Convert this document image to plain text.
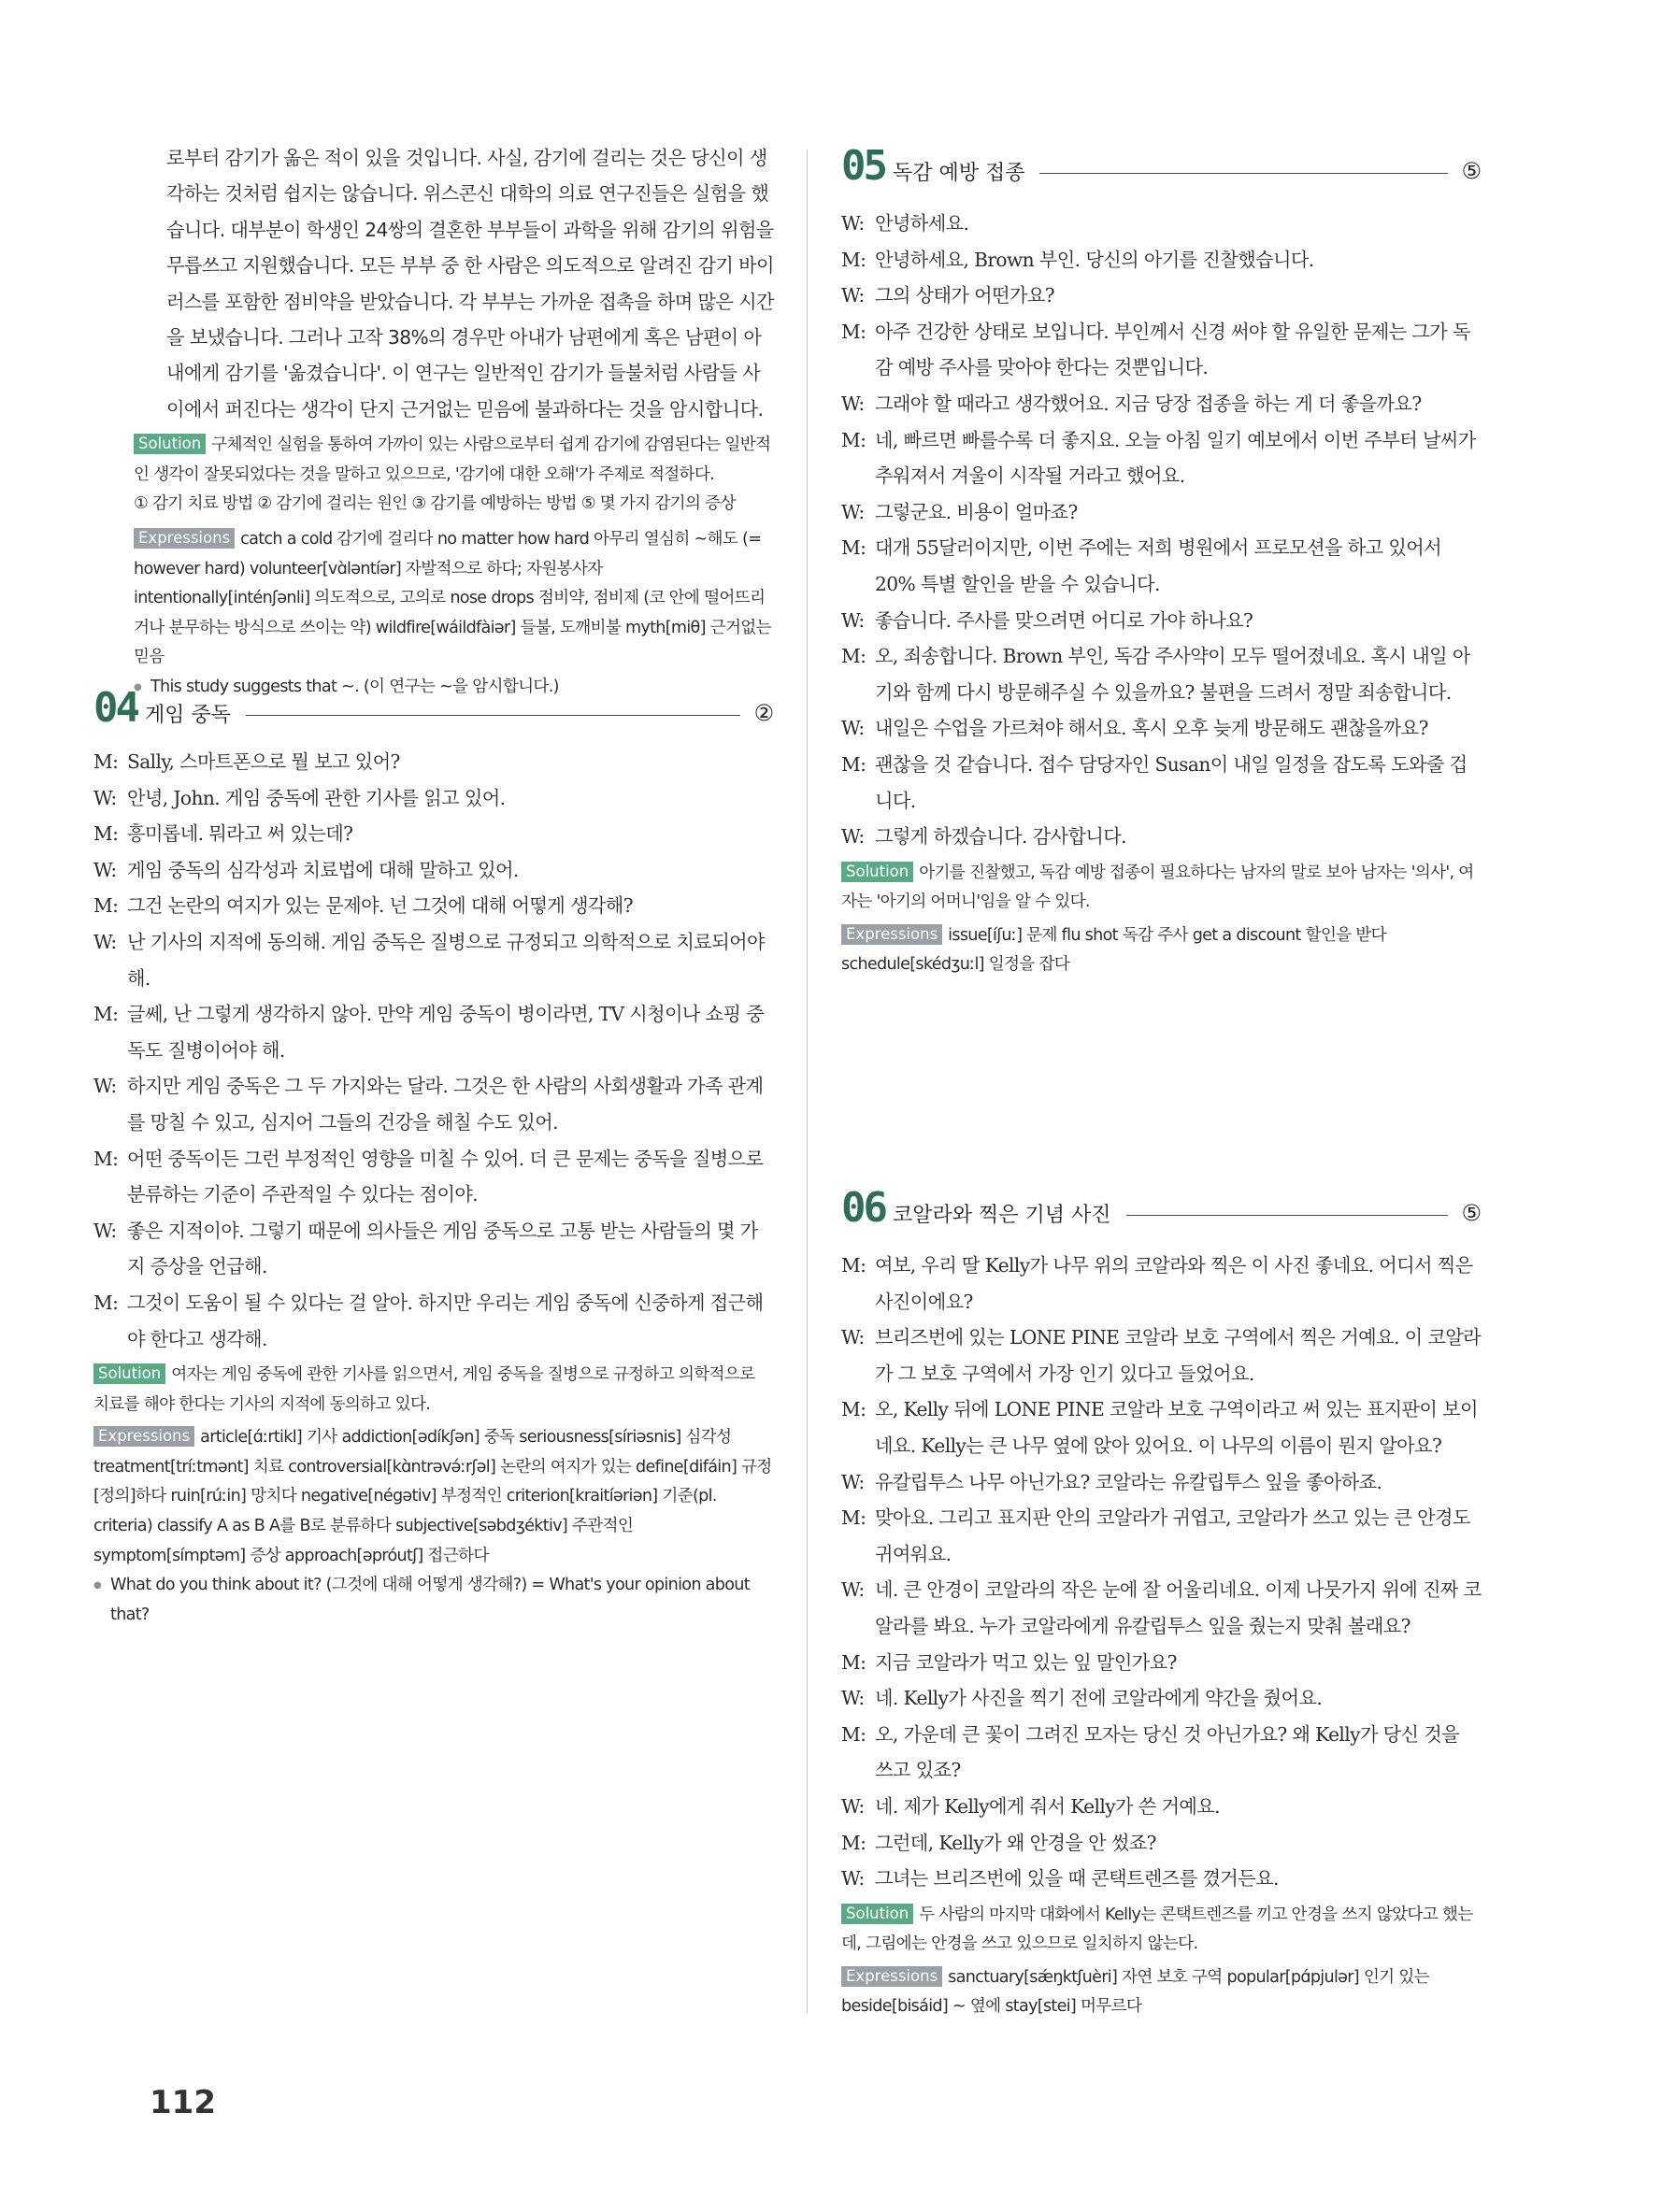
로부터 감기가 옮은 적이 있을 것입니다. 사실, 감기에 걸리는 것은 당신이 생각하는 것처럼 쉽지는 않습니다. 위스콘신 대학의 의료 연구진들은 실험을 했습니다. 대부분이 학생인 24쌍의 결혼한 부부들이 과학을 위해 감기의 위험을 무릅쓰고 지원했습니다. 모든 부부 중 한 사람은 의도적으로 알려진 감기 바이러스를 포함한 점비약을 받았습니다. 각 부부는 가까운 접촉을 하며 많은 시간을 보냈습니다. 그러나 고작 38%의 경우만 아내가 남편에게 혹은 남편이 아내에게 감기를 '옮겼습니다'. 이 연구는 일반적인 감기가 들불처럼 사람들 사이에서 퍼진다는 생각이 단지 근거없는 믿음에 불과하다는 것을 암시합니다.

Solution 구체적인 실험을 통하여 가까이 있는 사람으로부터 쉽게 감기에 감염된다는 일반적인 생각이 잘못되었다는 것을 말하고 있으므로, '감기에 대한 오해'가 주제로 적절하다.

① 감기 치료 방법 ② 감기에 걸리는 원인 ③ 감기를 예방하는 방법 ⑤ 몇 가지 감기의 증상

Expressions catch a cold 감기에 걸리다 no matter how hard 아무리 열심히 ~해도 (= however hard) volunteer[vɑ̀ləntíər] 자발적으로 하다; 자원봉사자 intentionally[inténʃənli] 의도적으로, 고의로 nose drops 점비약, 점비제 (코 안에 떨어뜨리거나 분무하는 방식으로 쓰이는 약) wildfire[wáildfàiər] 들불, 도깨비불 myth[miθ] 근거없는 믿음

● This study suggests that ~. (이 연구는 ~을 암시합니다.)

04 게임 중독	②
M: Sally, 스마트폰으로 뭘 보고 있어?
W: 안녕, John. 게임 중독에 관한 기사를 읽고 있어.
M: 흥미롭네. 뭐라고 써 있는데?
W: 게임 중독의 심각성과 치료법에 대해 말하고 있어.
M: 그건 논란의 여지가 있는 문제야. 넌 그것에 대해 어떻게 생각해?
W: 난 기사의 지적에 동의해. 게임 중독은 질병으로 규정되고 의학적으로 치료되어야 해.
M: 글쎄, 난 그렇게 생각하지 않아. 만약 게임 중독이 병이라면, TV 시청이나 쇼핑 중독도 질병이어야 해.
W: 하지만 게임 중독은 그 두 가지와는 달라. 그것은 한 사람의 사회생활과 가족 관계를 망칠 수 있고, 심지어 그들의 건강을 해칠 수도 있어.
M: 어떤 중독이든 그런 부정적인 영향을 미칠 수 있어. 더 큰 문제는 중독을 질병으로 분류하는 기준이 주관적일 수 있다는 점이야.
W: 좋은 지적이야. 그렇기 때문에 의사들은 게임 중독으로 고통 받는 사람들의 몇 가지 증상을 언급해.
M: 그것이 도움이 될 수 있다는 걸 알아. 하지만 우리는 게임 중독에 신중하게 접근해야 한다고 생각해.

Solution 여자는 게임 중독에 관한 기사를 읽으면서, 게임 중독을 질병으로 규정하고 의학적으로 치료를 해야 한다는 기사의 지적에 동의하고 있다.

Expressions article[ɑ́ːrtikl] 기사 addiction[ədíkʃən] 중독 seriousness[síriəsnis] 심각성 treatment[tríːtmənt] 치료 controversial[kɑ̀ntrəvə́ːrʃəl] 논란의 여지가 있는 define[difáin] 규정[정의]하다 ruin[rúːin] 망치다 negative[négətiv] 부정적인 criterion[kraitíəriən] 기준(pl. criteria) classify A as B A를 B로 분류하다 subjective[səbdʒéktiv] 주관적인 symptom[símptəm] 증상 approach[əpróutʃ] 접근하다

● What do you think about it? (그것에 대해 어떻게 생각해?) = What's your opinion about that?

05 독감 예방 접종	⑤
W: 안녕하세요.
M: 안녕하세요, Brown 부인. 당신의 아기를 진찰했습니다.
W: 그의 상태가 어떤가요?
M: 아주 건강한 상태로 보입니다. 부인께서 신경 써야 할 유일한 문제는 그가 독감 예방 주사를 맞아야 한다는 것뿐입니다.
W: 그래야 할 때라고 생각했어요. 지금 당장 접종을 하는 게 더 좋을까요?
M: 네, 빠르면 빠를수록 더 좋지요. 오늘 아침 일기 예보에서 이번 주부터 날씨가 추워져서 겨울이 시작될 거라고 했어요.
W: 그렇군요. 비용이 얼마죠?
M: 대개 55달러이지만, 이번 주에는 저희 병원에서 프로모션을 하고 있어서 20% 특별 할인을 받을 수 있습니다.
W: 좋습니다. 주사를 맞으려면 어디로 가야 하나요?
M: 오, 죄송합니다. Brown 부인, 독감 주사약이 모두 떨어졌네요. 혹시 내일 아기와 함께 다시 방문해주실 수 있을까요? 불편을 드려서 정말 죄송합니다.
W: 내일은 수업을 가르쳐야 해서요. 혹시 오후 늦게 방문해도 괜찮을까요?
M: 괜찮을 것 같습니다. 접수 담당자인 Susan이 내일 일정을 잡도록 도와줄 겁니다.
W: 그렇게 하겠습니다. 감사합니다.

Solution 아기를 진찰했고, 독감 예방 접종이 필요하다는 남자의 말로 보아 남자는 '의사', 여자는 '아기의 어머니'임을 알 수 있다.

Expressions issue[íʃuː] 문제 flu shot 독감 주사 get a discount 할인을 받다 schedule[skédʒuːl] 일정을 잡다

06 코알라와 찍은 기념 사진	⑤
M: 여보, 우리 딸 Kelly가 나무 위의 코알라와 찍은 이 사진 좋네요. 어디서 찍은 사진이에요?
W: 브리즈번에 있는 LONE PINE 코알라 보호 구역에서 찍은 거예요. 이 코알라가 그 보호 구역에서 가장 인기 있다고 들었어요.
M: 오, Kelly 뒤에 LONE PINE 코알라 보호 구역이라고 써 있는 표지판이 보이네요. Kelly는 큰 나무 옆에 앉아 있어요. 이 나무의 이름이 뭔지 알아요?
W: 유칼립투스 나무 아닌가요? 코알라는 유칼립투스 잎을 좋아하죠.
M: 맞아요. 그리고 표지판 안의 코알라가 귀엽고, 코알라가 쓰고 있는 큰 안경도 귀여워요.
W: 네. 큰 안경이 코알라의 작은 눈에 잘 어울리네요. 이제 나뭇가지 위에 진짜 코알라를 봐요. 누가 코알라에게 유칼립투스 잎을 줬는지 맞춰 볼래요?
M: 지금 코알라가 먹고 있는 잎 말인가요?
W: 네. Kelly가 사진을 찍기 전에 코알라에게 약간을 줬어요.
M: 오, 가운데 큰 꽃이 그려진 모자는 당신 것 아닌가요? 왜 Kelly가 당신 것을 쓰고 있죠?
W: 네. 제가 Kelly에게 줘서 Kelly가 쓴 거예요.
M: 그런데, Kelly가 왜 안경을 안 썼죠?
W: 그녀는 브리즈번에 있을 때 콘택트렌즈를 꼈거든요.

Solution 두 사람의 마지막 대화에서 Kelly는 콘택트렌즈를 끼고 안경을 쓰지 않았다고 했는데, 그림에는 안경을 쓰고 있으므로 일치하지 않는다.

Expressions sanctuary[sǽŋktʃuèri] 자연 보호 구역 popular[pɑ́pjulər] 인기 있는 beside[bisáid] ~ 옆에 stay[stei] 머무르다

112
